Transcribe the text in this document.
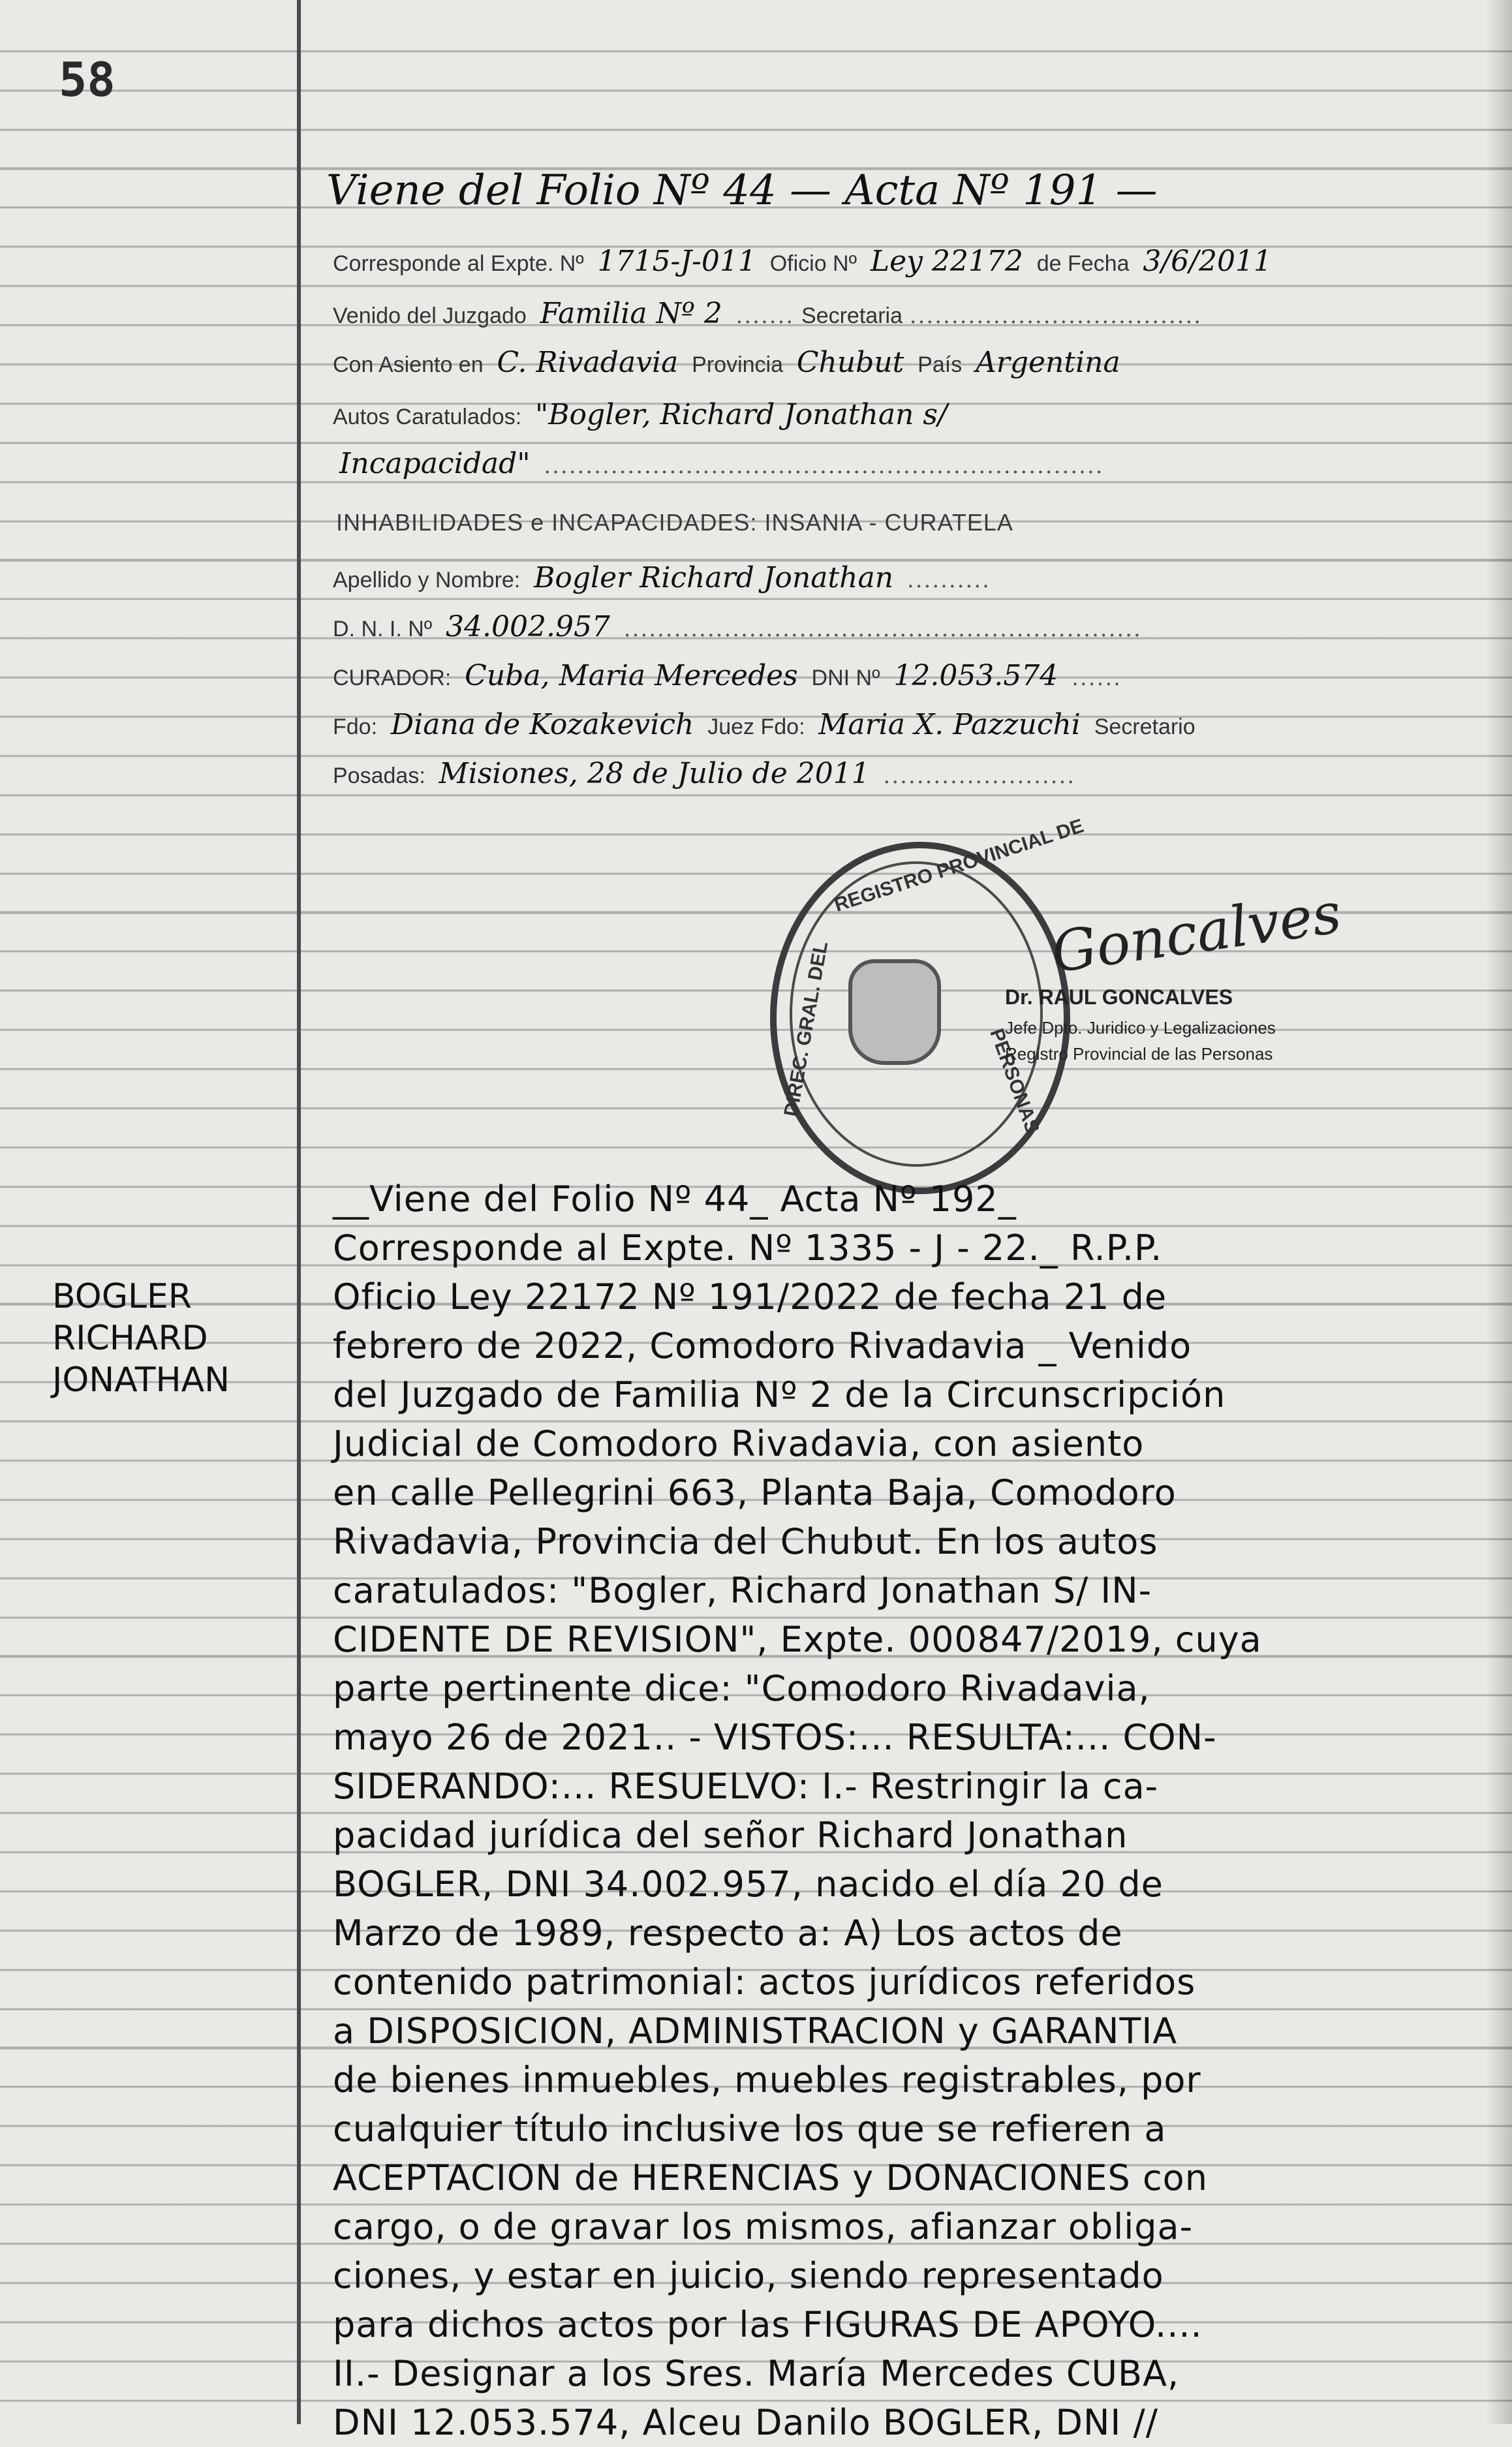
58
Viene del Folio Nº 44 — Acta Nº 191 —
Corresponde al Expte. Nº 1715-J-011 Oficio Nº Ley 22172 de Fecha 3/6/2011
Venido del Juzgado Familia Nº 2 ....... Secretaria ...................................
Con Asiento en C. Rivadavia Provincia Chubut País Argentina
Autos Caratulados: "Bogler, Richard Jonathan s/
Incapacidad" ...................................................................
INHABILIDADES e INCAPACIDADES: INSANIA - CURATELA
Apellido y Nombre: Bogler Richard Jonathan ..........
D. N. I. Nº 34.002.957 ..............................................................
CURADOR: Cuba, Maria Mercedes DNI Nº 12.053.574 ......
Fdo: Diana de Kozakevich Juez Fdo: Maria X. Pazzuchi Secretario
Posadas: Misiones, 28 de Julio de 2011 .......................
REGISTRO PROVINCIAL DE
PERSONAS
DIREC. GRAL. DEL
Goncalves
Dr. RAUL GONCALVES
Jefe Dpto. Juridico y Legalizaciones
Registro Provincial de las Personas
BOGLER
RICHARD
JONATHAN
__Viene del Folio Nº 44_ Acta Nº 192_
Corresponde al Expte. Nº 1335 - J - 22._ R.P.P.
Oficio Ley 22172 Nº 191/2022 de fecha 21 de
febrero de 2022, Comodoro Rivadavia _ Venido
del Juzgado de Familia Nº 2 de la Circunscripción
Judicial de Comodoro Rivadavia, con asiento
en calle Pellegrini 663, Planta Baja, Comodoro
Rivadavia, Provincia del Chubut. En los autos
caratulados: "Bogler, Richard Jonathan S/ IN-
CIDENTE DE REVISION", Expte. 000847/2019, cuya
parte pertinente dice: "Comodoro Rivadavia,
mayo 26 de 2021.. - VISTOS:... RESULTA:... CON-
SIDERANDO:... RESUELVO: I.- Restringir la ca-
pacidad jurídica del señor Richard Jonathan
BOGLER, DNI 34.002.957, nacido el día 20 de
Marzo de 1989, respecto a: A) Los actos de
contenido patrimonial: actos jurídicos referidos
a DISPOSICION, ADMINISTRACION y GARANTIA
de bienes inmuebles, muebles registrables, por
cualquier título inclusive los que se refieren a
ACEPTACION de HERENCIAS y DONACIONES con
cargo, o de gravar los mismos, afianzar obliga-
ciones, y estar en juicio, siendo representado
para dichos actos por las FIGURAS DE APOYO....
II.- Designar a los Sres. María Mercedes CUBA,
DNI 12.053.574, Alceu Danilo BOGLER, DNI //
